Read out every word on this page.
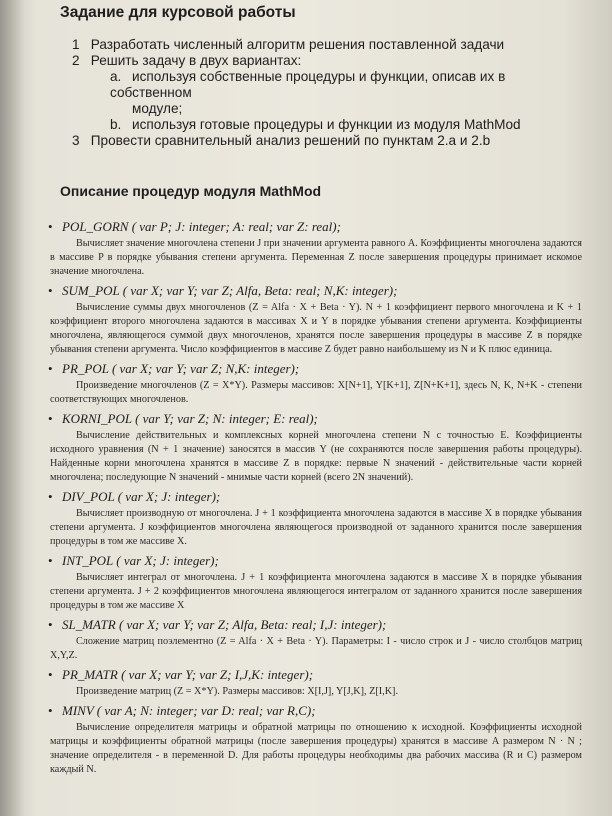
Задание для курсовой работы
1 Разработать численный алгоритм решения поставленной задачи
2 Решить задачу в двух вариантах:
a. используя собственные процедуры и функции, описав их в собственном
модуле;
b. используя готовые процедуры и функции из модуля MathMod
3 Провести сравнительный анализ решений по пунктам 2.а и 2.b
Описание процедур модуля MathMod
• POL_GORN ( var P; J: integer; A: real; var Z: real);
Вычисляет значение многочлена степени J при значении аргумента равного A. Коэффициенты многочлена задаются в массиве P в порядке убывания степени аргумента. Переменная Z после завершения процедуры принимает искомое значение многочлена.
• SUM_POL ( var X; var Y; var Z; Alfa, Beta: real; N,K: integer);
Вычисление суммы двух многочленов (Z = Alfa · X + Beta · Y). N + 1 коэффициент первого многочлена и K + 1 коэффициент второго многочлена задаются в массивах X и Y в порядке убывания степени аргумента. Коэффициенты многочлена, являющегося суммой двух многочленов, хранятся после завершения процедуры в массиве Z в порядке убывания степени аргумента. Число коэффициентов в массиве Z будет равно наибольшему из N и K плюс единица.
• PR_POL ( var X; var Y; var Z; N,K: integer);
Произведение многочленов (Z = X*Y). Размеры массивов: X[N+1], Y[K+1], Z[N+K+1], здесь N, K, N+K - степени соответствующих многочленов.
• KORNI_POL ( var Y; var Z; N: integer; E: real);
Вычисление действительных и комплексных корней многочлена степени N с точностью E. Коэффициенты исходного уравнения (N + 1 значение) заносятся в массив Y (не сохраняются после завершения работы процедуры). Найденные корни многочлена хранятся в массиве Z в порядке: первые N значений - действительные части корней многочлена; последующие N значений - мнимые части корней (всего 2N значений).
• DIV_POL ( var X; J: integer);
Вычисляет производную от многочлена. J + 1 коэффициента многочлена задаются в массиве X в порядке убывания степени аргумента. J коэффициентов многочлена являющегося производной от заданного хранится после завершения процедуры в том же массиве X.
• INT_POL ( var X; J: integer);
Вычисляет интеграл от многочлена. J + 1 коэффициента многочлена задаются в массиве X в порядке убывания степени аргумента. J + 2 коэффициентов многочлена являющегося интегралом от заданного хранится после завершения процедуры в том же массиве X
• SL_MATR ( var X; var Y; var Z; Alfa, Beta: real; I,J: integer);
Сложение матриц поэлементно (Z = Alfa · X + Beta · Y). Параметры: I - число строк и J - число столбцов матриц X,Y,Z.
• PR_MATR ( var X; var Y; var Z; I,J,K: integer);
Произведение матриц (Z = X*Y). Размеры массивов: X[I,J], Y[J,K], Z[I,K].
• MINV ( var A; N: integer; var D: real; var R,C);
Вычисление определителя матрицы и обратной матрицы по отношению к исходной. Коэффициенты исходной матрицы и коэффициенты обратной матрицы (после завершения процедуры) хранятся в массиве A размером N · N ; значение определителя - в переменной D. Для работы процедуры необходимы два рабочих массива (R и C) размером каждый N.
